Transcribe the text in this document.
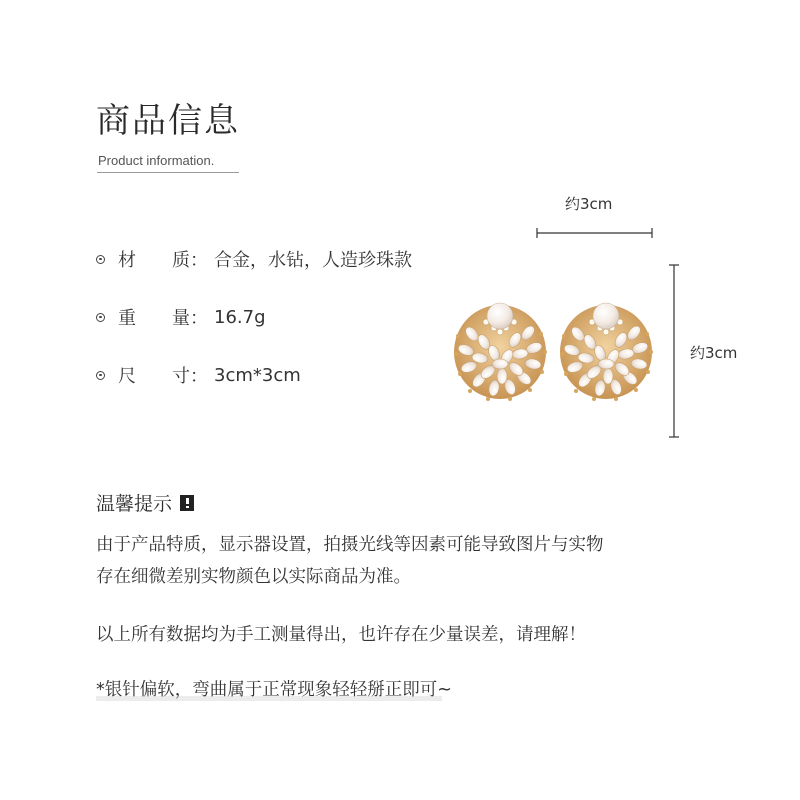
商品信息
Product information.
材　　质： 合金，水钻，人造珍珠款
重　　量： 16.7g
尺　　寸： 3cm*3cm
约3cm
约3cm
温馨提示
由于产品特质，显示器设置，拍摄光线等因素可能导致图片与实物
存在细微差别实物颜色以实际商品为准。
以上所有数据均为手工测量得出，也许存在少量误差，请理解！
*银针偏软，弯曲属于正常现象轻轻掰正即可~
